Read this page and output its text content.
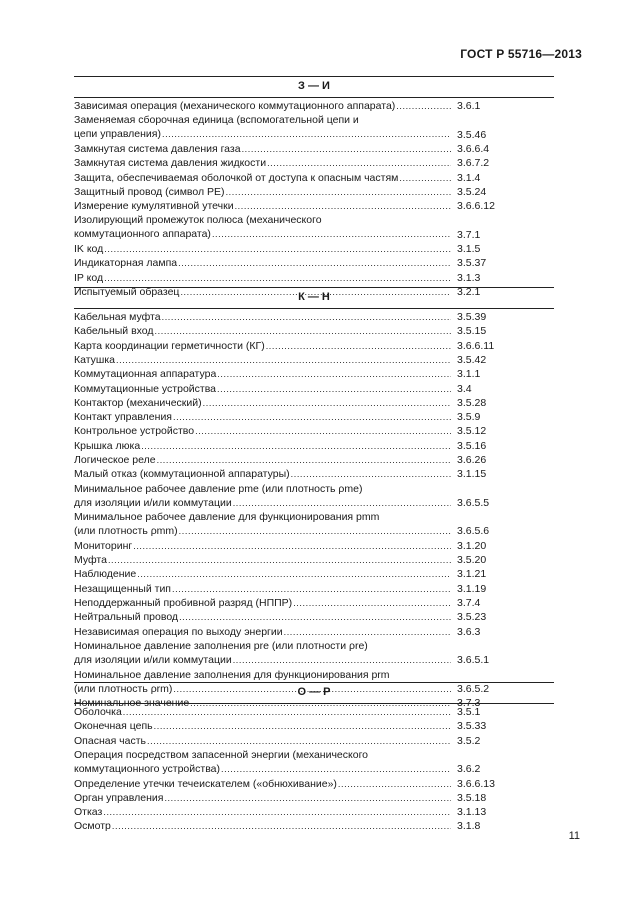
ГОСТ Р 55716—2013
З — И
Зависимая операция (механического коммутационного аппарата) .....	3.6.1
Заменяемая сборочная единица (вспомогательной цепи и
цепи управления) .....	3.5.46
Замкнутая система давления газа .....	3.6.6.4
Замкнутая система давления жидкости .....	3.6.7.2
Защита, обеспечиваемая оболочкой от доступа к опасным частям .....	3.1.4
Защитный провод (символ PE) .....	3.5.24
Измерение кумулятивной утечки .....	3.6.6.12
Изолирующий промежуток полюса (механического
коммутационного аппарата) .....	3.7.1
IK код .....	3.1.5
Индикаторная лампа .....	3.5.37
IP код .....	3.1.3
Испытуемый образец .....	3.2.1
К — Н
Кабельная муфта .....	3.5.39
Кабельный вход .....	3.5.15
Карта координации герметичности (КГ) .....	3.6.6.11
Катушка .....	3.5.42
Коммутационная аппаратура .....	3.1.1
Коммутационные устройства .....	3.4
Контактор (механический) .....	3.5.28
Контакт управления .....	3.5.9
Контрольное устройство .....	3.5.12
Крышка люка .....	3.5.16
Логическое реле .....	3.6.26
Малый отказ (коммутационной аппаратуры) .....	3.1.15
Минимальное рабочее давление pme (или плотность ρme)
для изоляции и/или коммутации .....	3.6.5.5
Минимальное рабочее давление для функционирования pmm
(или плотность ρmm) .....	3.6.5.6
Мониторинг .....	3.1.20
Муфта .....	3.5.20
Наблюдение .....	3.1.21
Незащищенный тип .....	3.1.19
Неподдержанный пробивной разряд (НППР) .....	3.7.4
Нейтральный провод .....	3.5.23
Независимая операция по выходу энергии .....	3.6.3
Номинальное давление заполнения pre (или плотности ρre)
для изоляции и/или коммутации .....	3.6.5.1
Номинальное давление заполнения для функционирования prm
(или плотность ρrm) .....	3.6.5.2
Номинальное значение .....	3.7.3
О — Р
Оболочка .....	3.5.1
Оконечная цепь .....	3.5.33
Опасная часть .....	3.5.2
Операция посредством запасенной энергии (механического
коммутационного устройства) .....	3.6.2
Определение утечки течеискателем («обнюхивание») .....	3.6.6.13
Орган управления .....	3.5.18
Отказ .....	3.1.13
Осмотр .....	3.1.8
11
